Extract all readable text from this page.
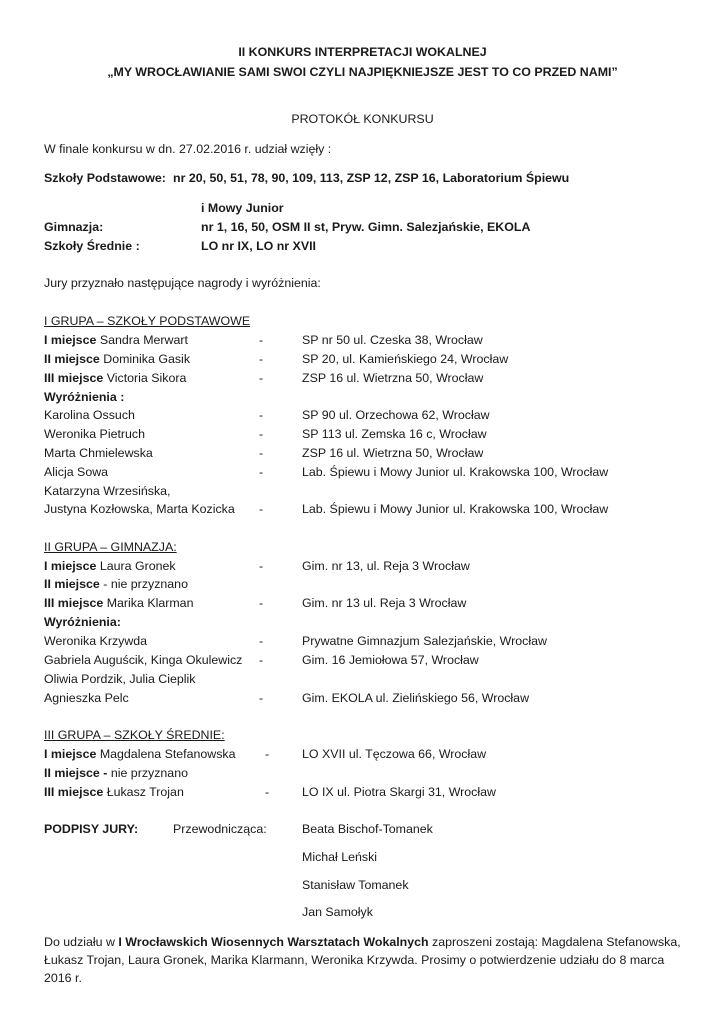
II KONKURS INTERPRETACJI WOKALNEJ
„MY WROCŁAWIANIE SAMI SWOI CZYLI NAJPIĘKNIEJSZE JEST TO CO PRZED NAMI”
PROTOKÓŁ KONKURSU
W finale konkursu w dn. 27.02.2016 r. udział wzięły :
Szkoły Podstawowe: nr 20, 50, 51, 78, 90, 109, 113, ZSP 12, ZSP 16, Laboratorium Śpiewu
i Mowy Junior
Gimnazja:	nr 1, 16, 50, OSM II st, Pryw. Gimn. Salezjańskie, EKOLA
Szkoły Średnie :	LO nr IX, LO nr XVII
Jury przyznało następujące nagrody i wyróżnienia:
I GRUPA – SZKOŁY PODSTAWOWE
I miejsce Sandra Merwart	-	SP nr 50 ul. Czeska 38, Wrocław
II miejsce Dominika Gasik	-	SP 20, ul. Kamieńskiego 24, Wrocław
III miejsce Victoria Sikora	-	ZSP 16 ul. Wietrzna 50, Wrocław
Wyróżnienia :
Karolina Ossuch	-	SP 90 ul. Orzechowa 62, Wrocław
Weronika Pietruch	-	SP 113 ul. Zemska 16 c, Wrocław
Marta Chmielewska	-	ZSP 16 ul. Wietrzna 50, Wrocław
Alicja Sowa	-	Lab. Śpiewu i Mowy Junior ul. Krakowska 100, Wrocław
Katarzyna Wrzesińska,
Justyna Kozłowska, Marta Kozicka -	Lab. Śpiewu i Mowy Junior ul. Krakowska 100, Wrocław
II GRUPA – GIMNAZJA:
I miejsce Laura Gronek	-	Gim. nr 13, ul. Reja 3 Wrocław
II miejsce - nie przyznano
III miejsce Marika Klarman	-	Gim. nr 13 ul. Reja 3 Wrocław
Wyróżnienia:
Weronika Krzywda	-	Prywatne Gimnazjum Salezjańskie, Wrocław
Gabriela Auguścik, Kinga Okulewicz -	Gim. 16 Jemiołowa 57, Wrocław
Oliwia Pordzik, Julia Cieplik
Agnieszka Pelc	-	Gim. EKOLA ul. Zielińskiego 56, Wrocław
III GRUPA – SZKOŁY ŚREDNIE:
I miejsce Magdalena Stefanowska -	LO XVII ul. Tęczowa 66, Wrocław
II miejsce - nie przyznano
III miejsce Łukasz Trojan	-	LO IX ul. Piotra Skargi 31, Wrocław
PODPISY JURY:	Przewodnicząca:	Beata Bischof-Tomanek
Michał Leński
Stanisław Tomanek
Jan Samołyk
Do udziału w I Wrocławskich Wiosennych Warsztatach Wokalnych zaproszeni zostają: Magdalena Stefanowska, Łukasz Trojan, Laura Gronek, Marika Klarmann, Weronika Krzywda. Prosimy o potwierdzenie udziału do 8 marca 2016 r.
